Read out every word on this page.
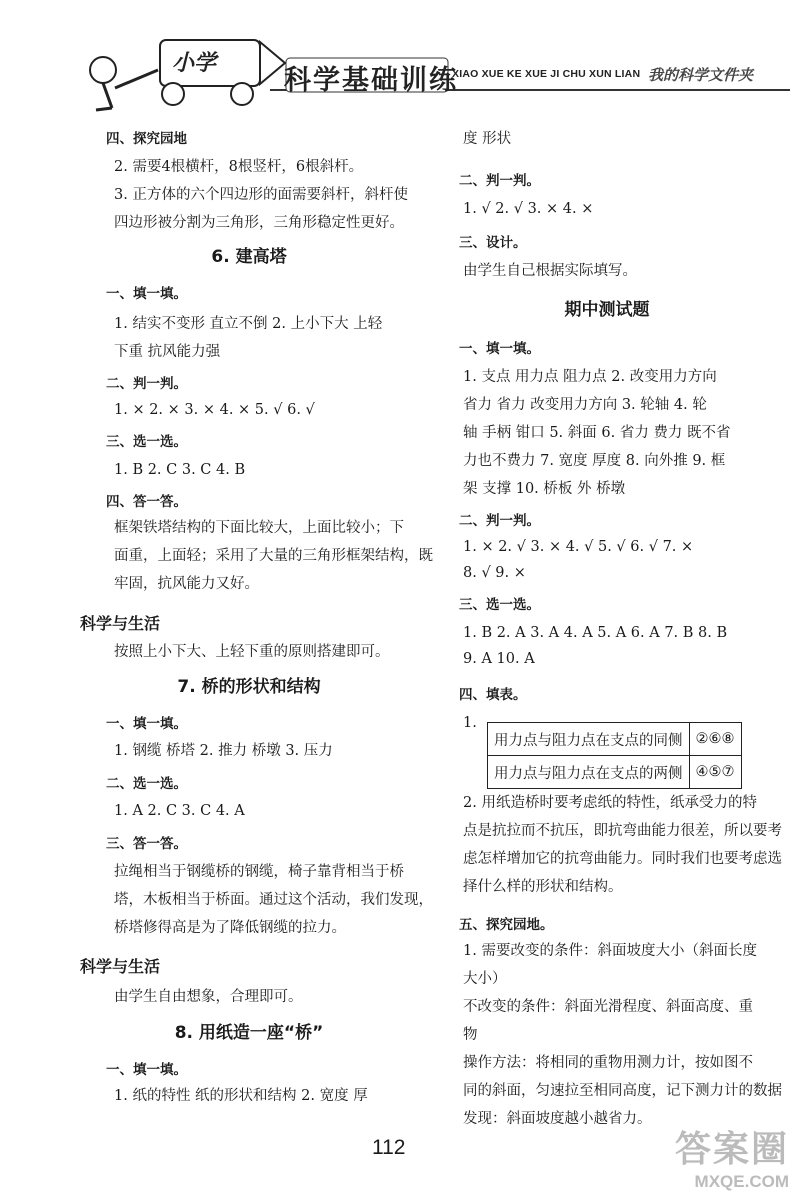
小学
科学基础训练
XIAO XUE KE XUE JI CHU XUN LIAN 我的科学文件夹
四、探究园地
2. 需要4根横杆，8根竖杆，6根斜杆。
3. 正方体的六个四边形的面需要斜杆，斜杆使
四边形被分割为三角形，三角形稳定性更好。
6. 建高塔
一、填一填。
1. 结实不变形 直立不倒 2. 上小下大 上轻
下重 抗风能力强
二、判一判。
1. × 2. × 3. × 4. × 5. √ 6. √
三、选一选。
1. B 2. C 3. C 4. B
四、答一答。
框架铁塔结构的下面比较大，上面比较小；下
面重，上面轻；采用了大量的三角形框架结构，既
牢固，抗风能力又好。
科学与生活
按照上小下大、上轻下重的原则搭建即可。
7. 桥的形状和结构
一、填一填。
1. 钢缆 桥塔 2. 推力 桥墩 3. 压力
二、选一选。
1. A 2. C 3. C 4. A
三、答一答。
拉绳相当于钢缆桥的钢缆，椅子靠背相当于桥
塔，木板相当于桥面。通过这个活动，我们发现，
桥塔修得高是为了降低钢缆的拉力。
科学与生活
由学生自由想象，合理即可。
8. 用纸造一座“桥”
一、填一填。
1. 纸的特性 纸的形状和结构 2. 宽度 厚
度 形状
二、判一判。
1. √ 2. √ 3. × 4. ×
三、设计。
由学生自己根据实际填写。
期中测试题
一、填一填。
1. 支点 用力点 阻力点 2. 改变用力方向
省力 省力 改变用力方向 3. 轮轴 4. 轮
轴 手柄 钳口 5. 斜面 6. 省力 费力 既不省
力也不费力 7. 宽度 厚度 8. 向外推 9. 框
架 支撑 10. 桥板 外 桥墩
二、判一判。
1. × 2. √ 3. × 4. √ 5. √ 6. √ 7. ×
8. √ 9. ×
三、选一选。
1. B 2. A 3. A 4. A 5. A 6. A 7. B 8. B
9. A 10. A
四、填表。
1.
2. 用纸造桥时要考虑纸的特性，纸承受力的特
点是抗拉而不抗压，即抗弯曲能力很差，所以要考
虑怎样增加它的抗弯曲能力。同时我们也要考虑选
择什么样的形状和结构。
五、探究园地。
1. 需要改变的条件：斜面坡度大小（斜面长度
大小）
不改变的条件：斜面光滑程度、斜面高度、重
物
操作方法：将相同的重物用测力计，按如图不
同的斜面，匀速拉至相同高度，记下测力计的数据
发现：斜面坡度越小越省力。
用力点与阻力点在支点的同侧	②⑥⑧
用力点与阻力点在支点的两侧	④⑤⑦
112	答案圈
MXQE.COM
